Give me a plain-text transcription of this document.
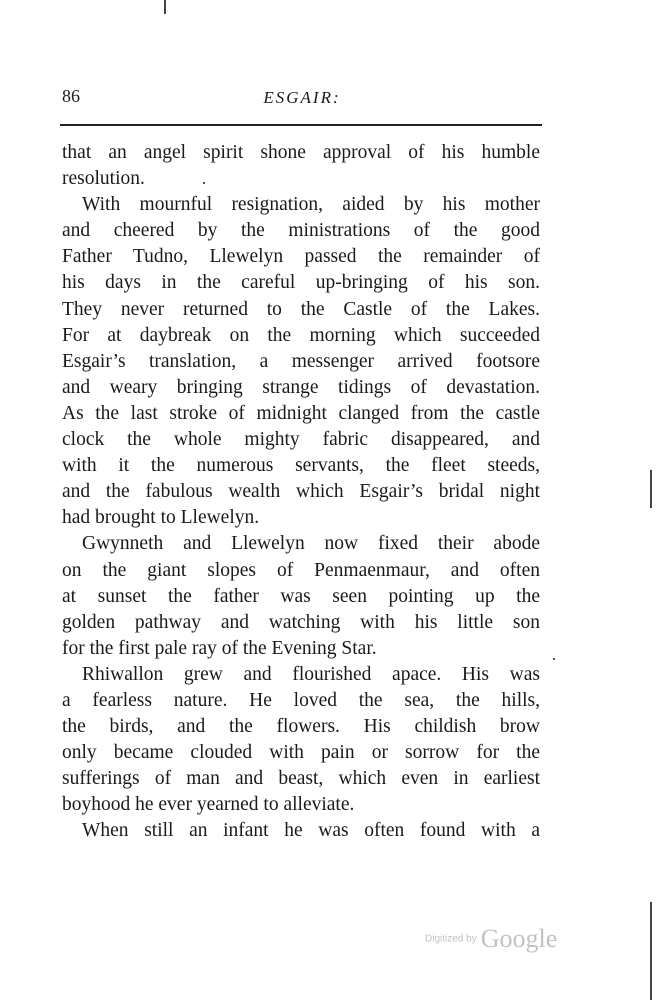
86	ESGAIR:
that an angel spirit shone approval of his humble
resolution.
With mournful resignation, aided by his mother
and cheered by the ministrations of the good
Father Tudno, Llewelyn passed the remainder of
his days in the careful up-bringing of his son.
They never returned to the Castle of the Lakes.
For at daybreak on the morning which succeeded
Esgair’s translation, a messenger arrived footsore
and weary bringing strange tidings of devastation.
As the last stroke of midnight clanged from the castle
clock the whole mighty fabric disappeared, and
with it the numerous servants, the fleet steeds,
and the fabulous wealth which Esgair’s bridal night
had brought to Llewelyn.
Gwynneth and Llewelyn now fixed their abode
on the giant slopes of Penmaenmaur, and often
at sunset the father was seen pointing up the
golden pathway and watching with his little son
for the first pale ray of the Evening Star.
Rhiwallon grew and flourished apace. His was
a fearless nature. He loved the sea, the hills,
the birds, and the flowers. His childish brow
only became clouded with pain or sorrow for the
sufferings of man and beast, which even in earliest
boyhood he ever yearned to alleviate.
When still an infant he was often found with a
Digitized by Google
